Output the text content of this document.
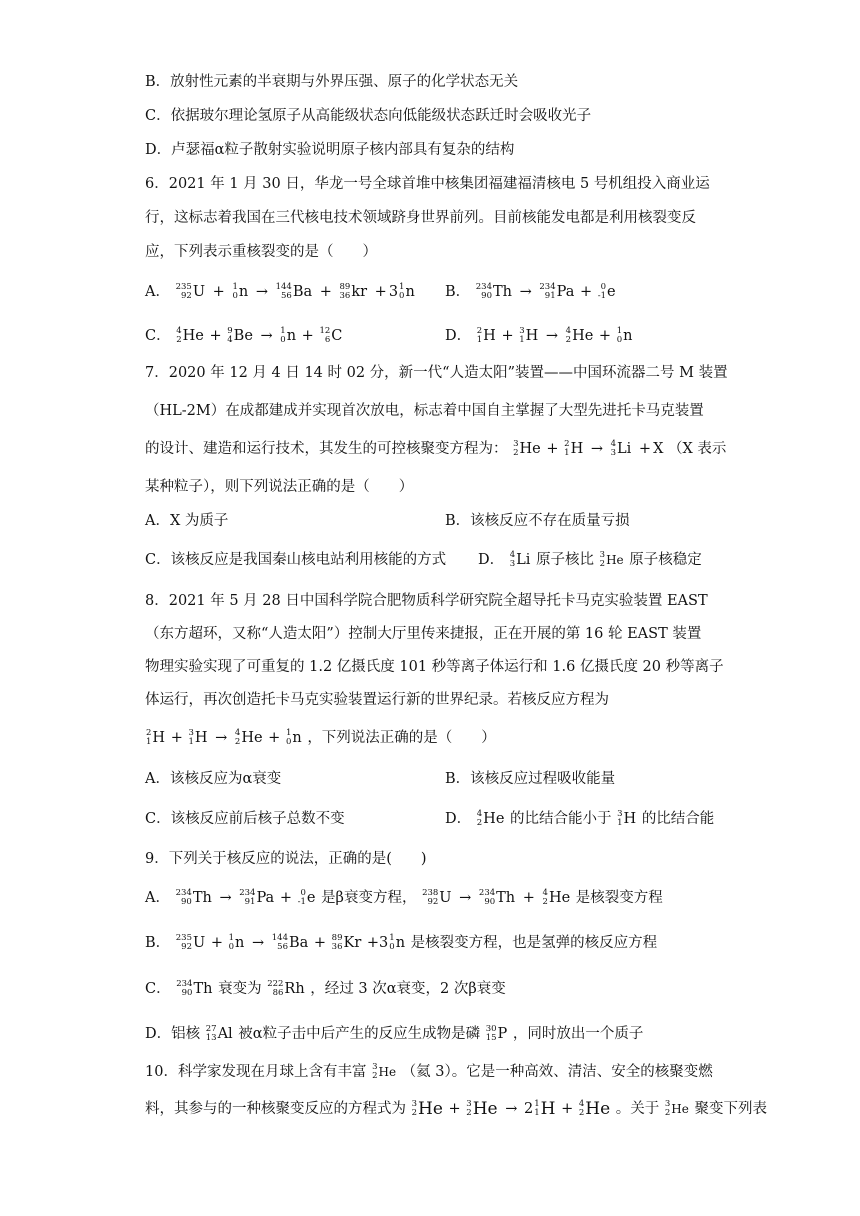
B．放射性元素的半衰期与外界压强、原子的化学状态无关
C．依据玻尔理论氢原子从高能级状态向低能级状态跃迁时会吸收光子
D．卢瑟福α粒子散射实验说明原子核内部具有复杂的结构
6．2021 年 1 月 30 日，华龙一号全球首堆中核集团福建福清核电 5 号机组投入商业运
行，这标志着我国在三代核电技术领域跻身世界前列。目前核能发电都是利用核裂变反
应，下列表示重核裂变的是（　　）
A． 235
92 U + 1
0 n → 144
56 Ba + 89
36 kr + 3 1
0 n B． 234
90 Th → 234
91 Pa + 0
-1 e
C． 4
2 He + 9
4 Be → 1
0 n + 12
6 C	D． 2
1 H + 3
1 H → 4
2 He + 1
0 n
7．2020 年 12 月 4 日 14 时 02 分，新一代“人造太阳”装置——中国环流器二号 M 装置
（HL-2M）在成都建成并实现首次放电，标志着中国自主掌握了大型先进托卡马克装置
的设计、建造和运行技术，其发生的可控核聚变方程为： 3
2 He + 2
1 H → 4
3 Li + X （X 表示
某种粒子），则下列说法正确的是（　　）
A．X 为质子	B．该核反应不存在质量亏损
C．该核反应是我国秦山核电站利用核能的方式 D． 4
3 Li 原子核比 3
2 He 原子核稳定
8．2021 年 5 月 28 日中国科学院合肥物质科学研究院全超导托卡马克实验装置 EAST
（东方超环，又称“人造太阳”）控制大厅里传来捷报，正在开展的第 16 轮 EAST 装置
物理实验实现了可重复的 1.2 亿摄氏度 101 秒等离子体运行和 1.6 亿摄氏度 20 秒等离子
体运行，再次创造托卡马克实验装置运行新的世界纪录。若核反应方程为
2
1 H + 3
1 H → 4
2 He + 1
0 n ，下列说法正确的是（　　）
A．该核反应为α衰变	B．该核反应过程吸收能量
C．该核反应前后核子总数不变	D． 4
2 He 的比结合能小于 3
1 H 的比结合能
9．下列关于核反应的说法，正确的是(　　)
A． 234
90 Th → 234
91 Pa + 0
-1 e 是β衰变方程， 238
92 U → 234
90 Th + 4
2 He 是核裂变方程
B． 235
92 U + 1
0 n → 144
56 Ba + 89
36 Kr +3 1
0 n 是核裂变方程，也是氢弹的核反应方程
C． 234
90 Th 衰变为 222
86 Rh ，经过 3 次α衰变，2 次β衰变
D．铝核 27
13 Al 被α粒子击中后产生的反应生成物是磷 30
15 P ，同时放出一个质子
10．科学家发现在月球上含有丰富 3
2 He （氦 3）。它是一种高效、清洁、安全的核聚变燃
料，其参与的一种核聚变反应的方程式为 3
2 He + 3
2 He → 2 1
1 H + 4
2 He 。关于 3
2 He 聚变下列表
